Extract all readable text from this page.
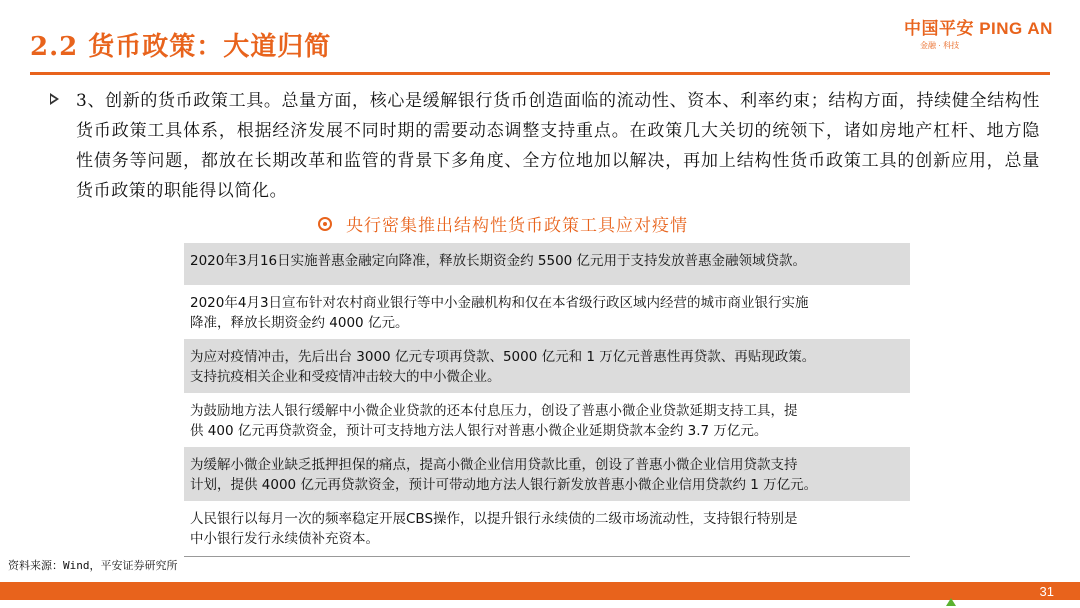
2.2 货币政策：大道归简
中国平安 PING AN
金融 · 科技

3、创新的货币政策工具。总量方面，核心是缓解银行货币创造面临的流动性、资本、利率约束；结构方面，持续健全结构性货币政策工具体系，根据经济发展不同时期的需要动态调整支持重点。在政策几大关切的统领下，诸如房地产杠杆、地方隐性债务等问题，都放在长期改革和监管的背景下多角度、全方位地加以解决，再加上结构性货币政策工具的创新应用，总量货币政策的职能得以简化。

央行密集推出结构性货币政策工具应对疫情
2020年3月16日实施普惠金融定向降准，释放长期资金约 5500 亿元用于支持发放普惠金融领域贷款。
2020年4月3日宣布针对农村商业银行等中小金融机构和仅在本省级行政区域内经营的城市商业银行实施
降准，释放长期资金约 4000 亿元。
为应对疫情冲击，先后出台 3000 亿元专项再贷款、5000 亿元和 1 万亿元普惠性再贷款、再贴现政策。
支持抗疫相关企业和受疫情冲击较大的中小微企业。
为鼓励地方法人银行缓解中小微企业贷款的还本付息压力，创设了普惠小微企业贷款延期支持工具，提
供 400 亿元再贷款资金，预计可支持地方法人银行对普惠小微企业延期贷款本金约 3.7 万亿元。
为缓解小微企业缺乏抵押担保的痛点，提高小微企业信用贷款比重，创设了普惠小微企业信用贷款支持
计划，提供 4000 亿元再贷款资金，预计可带动地方法人银行新发放普惠小微企业信用贷款约 1 万亿元。
人民银行以每月一次的频率稳定开展CBS操作，以提升银行永续债的二级市场流动性，支持银行特别是
中小银行发行永续债补充资本。

资料来源：Wind，平安证券研究所

31
